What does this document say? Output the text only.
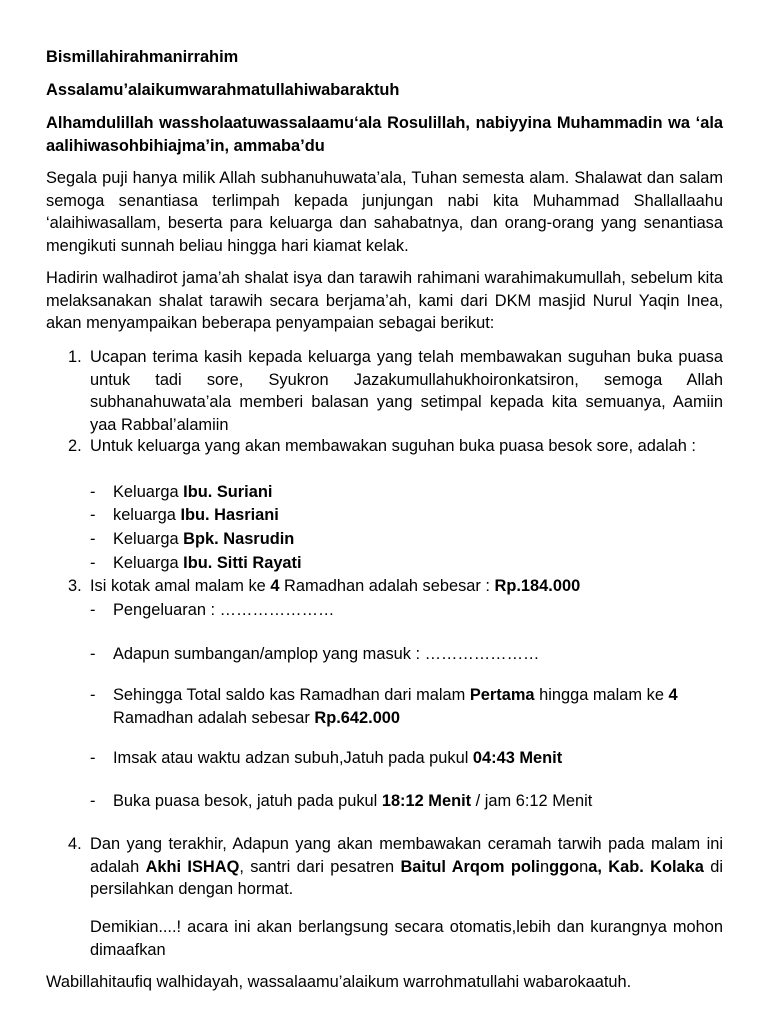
Bismillahirahmanirrahim

Assalamu’alaikumwarahmatullahiwabaraktuh

Alhamdulillah wassholaatuwassalaamu‘ala Rosulillah, nabiyyina Muhammadin wa ‘ala aalihiwasohbihiajma’in, ammaba’du

Segala puji hanya milik Allah subhanuhuwata’ala, Tuhan semesta alam. Shalawat dan salam semoga senantiasa terlimpah kepada junjungan nabi kita Muhammad Shallallaahu ‘alaihiwasallam, beserta para keluarga dan sahabatnya, dan orang-orang yang senantiasa mengikuti sunnah beliau hingga hari kiamat kelak.

Hadirin walhadirot jama’ah shalat isya dan tarawih rahimani warahimakumullah, sebelum kita melaksanakan shalat tarawih secara berjama’ah, kami dari DKM masjid Nurul Yaqin Inea, akan menyampaikan beberapa penyampaian sebagai berikut:

1. Ucapan terima kasih kepada keluarga yang telah membawakan suguhan buka puasa untuk tadi sore, Syukron Jazakumullahukhoironkatsiron, semoga Allah subhanahuwata’ala memberi balasan yang setimpal kepada kita semuanya, Aamiin yaa Rabbal’alamiin

2. Untuk keluarga yang akan membawakan suguhan buka puasa besok sore, adalah :

- Keluarga Ibu. Suriani

- keluarga Ibu. Hasriani

- Keluarga Bpk. Nasrudin

- Keluarga Ibu. Sitti Rayati

3. Isi kotak amal malam ke 4 Ramadhan adalah sebesar : Rp.184.000

- Pengeluaran : …………………

- Adapun sumbangan/amplop yang masuk : …………………

- Sehingga Total saldo kas Ramadhan dari malam Pertama hingga malam ke 4
Ramadhan adalah sebesar Rp.642.000

- Imsak atau waktu adzan subuh,Jatuh pada pukul 04:43 Menit

- Buka puasa besok, jatuh pada pukul 18:12 Menit / jam 6:12 Menit

4. Dan yang terakhir, Adapun yang akan membawakan ceramah tarwih pada malam ini adalah Akhi ISHAQ, santri dari pesatren Baitul Arqom polinggona, Kab. Kolaka di persilahkan dengan hormat.

Demikian....! acara ini akan berlangsung secara otomatis,lebih dan kurangnya mohon dimaafkan

Wabillahitaufiq walhidayah, wassalaamu’alaikum warrohmatullahi wabarokaatuh.
